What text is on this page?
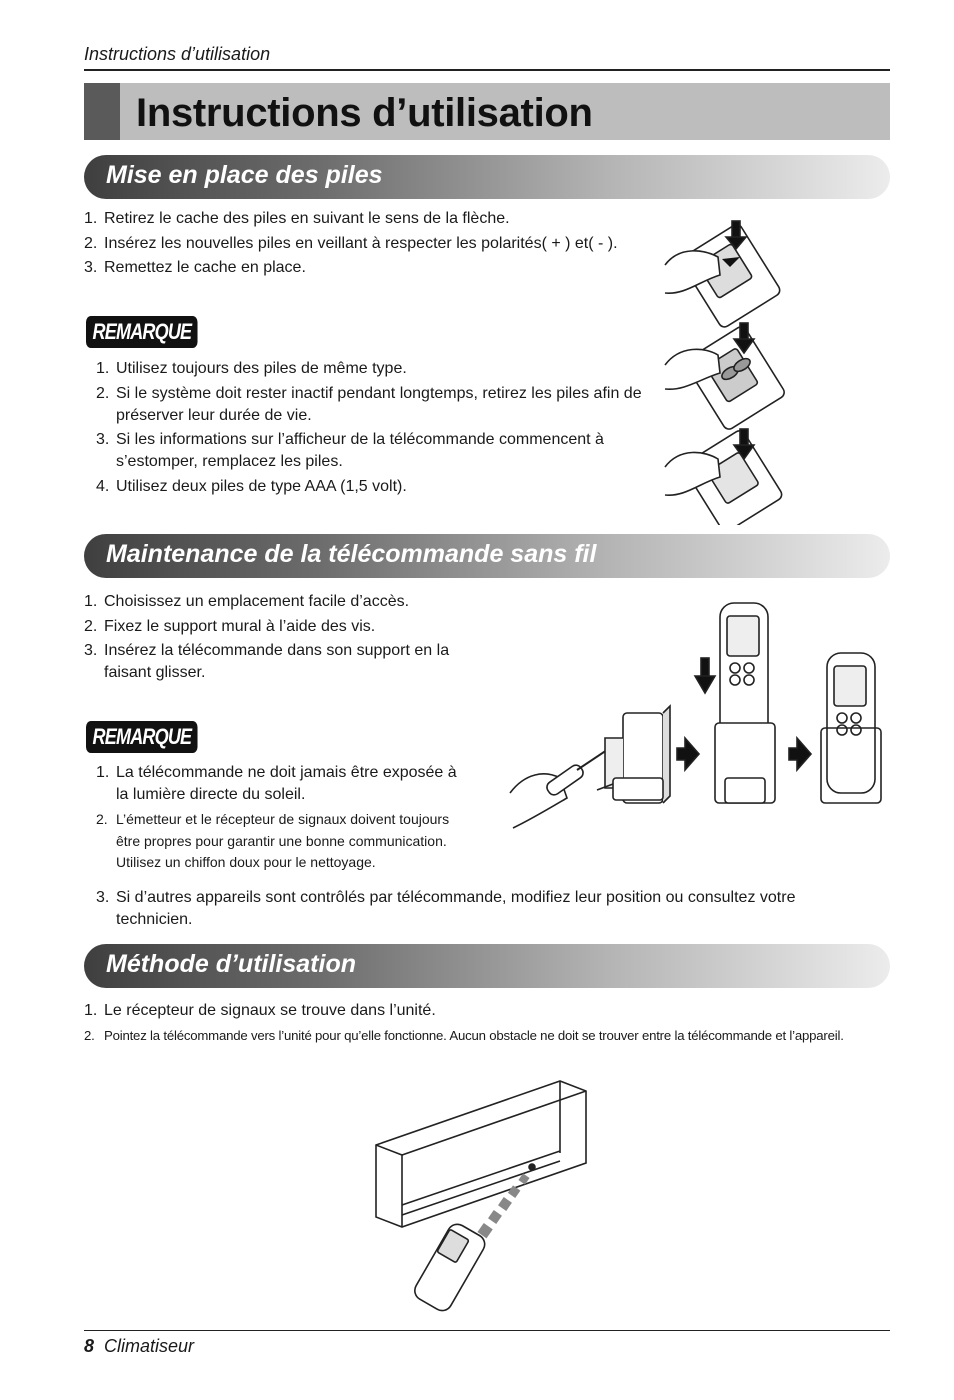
Instructions d’utilisation
Instructions d’utilisation
Mise en place des piles
1. Retirez le cache des piles en suivant le sens de la flèche.
2. Insérez les nouvelles piles en veillant à respecter les polarités( + ) et( - ).
3. Remettez le cache en place.
REMARQUE
1. Utilisez toujours des piles de même type.
2. Si le système doit rester inactif pendant longtemps, retirez les piles afin de préserver leur durée de vie.
3. Si les informations sur l’afficheur de la télécommande commencent à s’estomper, remplacez les piles.
4. Utilisez deux piles de type AAA (1,5 volt).
Maintenance de la télécommande sans fil
1. Choisissez un emplacement facile d’accès.
2. Fixez le support mural à l’aide des vis.
3. Insérez la télécommande dans son support en la faisant glisser.
REMARQUE
1. La télécommande ne doit jamais être exposée à la lumière directe du soleil.
2. L’émetteur et le récepteur de signaux doivent toujours être propres pour garantir une bonne communication. Utilisez un chiffon doux pour le nettoyage.
3. Si d’autres appareils sont contrôlés par télécommande, modifiez leur position ou consultez votre technicien.
Méthode d’utilisation
1. Le récepteur de signaux se trouve dans l’unité.
2. Pointez la télécommande vers l’unité pour qu’elle fonctionne. Aucun obstacle ne doit se trouver entre la télécommande et l’appareil.
8 Climatiseur
